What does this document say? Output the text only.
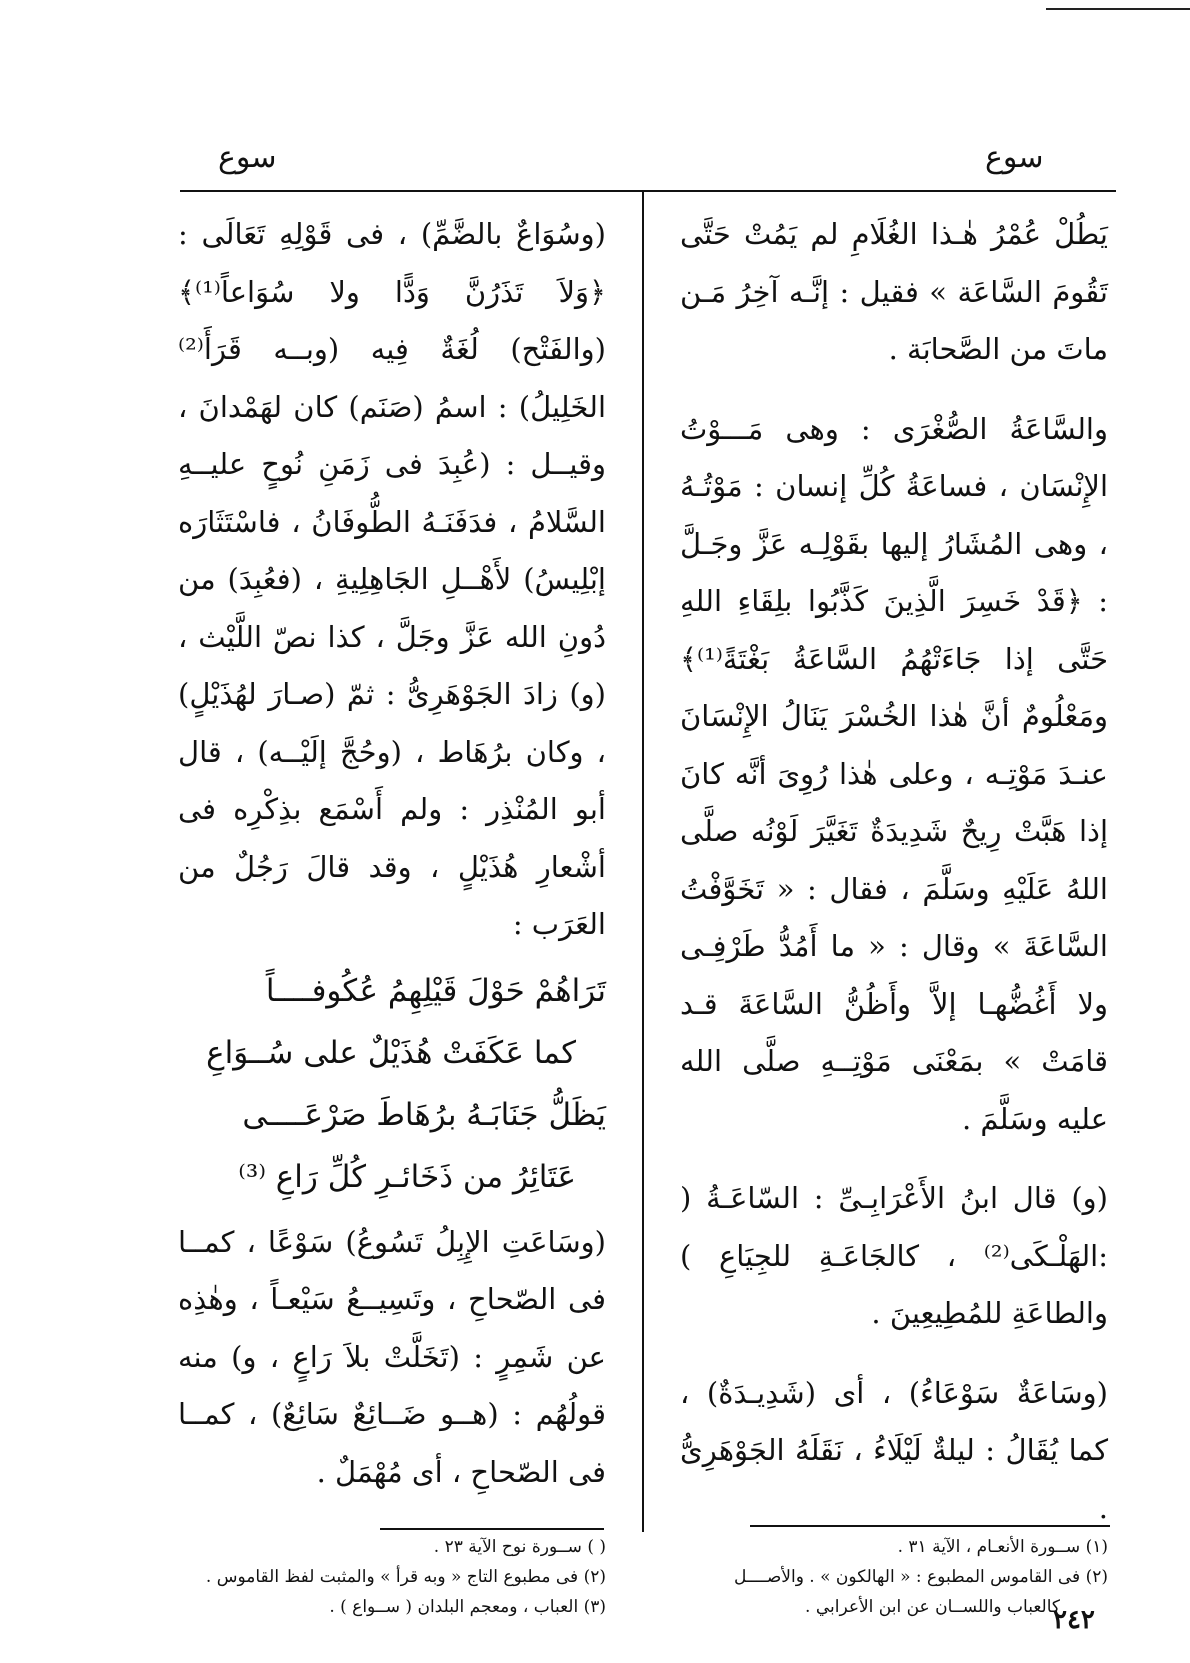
سوع
سوع

يَطُلْ عُمْرُ هٰـذا الغُلَامِ لم يَمُتْ حَتَّى تَقُومَ السَّاعَة » فقيل : إنَّـه آخِرُ مَـن ماتَ من الصَّحابَة .

والسَّاعَةُ الصُّغْرَى : وهى مَـــوْتُ الإِنْسَان ، فساعَةُ كُلِّ إنسان : مَوْتُـهُ ، وهى المُشَارُ إليها بقَوْلِـه عَزَّ وجَـلَّ : ﴿قَدْ خَسِرَ الَّذِينَ كَذَّبُوا بلِقَاءِ اللهِ حَتَّى إذا جَاءَتْهُمُ السَّاعَةُ بَغْتَةً⁽¹⁾﴾ ومَعْلُومٌ أنَّ هٰذا الخُسْرَ يَنَالُ الإِنْسَانَ عنـدَ مَوْتِـه ، وعلى هٰذا رُوِىَ أنَّه كانَ إذا هَبَّتْ رِيحٌ شَدِيدَةٌ تَغَيَّرَ لَوْنُه صلَّى اللهُ عَلَيْهِ وسَلَّمَ ، فقال : « تَخَوَّفْتُ السَّاعَةَ » وقال : « ما أَمُدُّ طَرْفِـى ولا أَغُضُّهـا إلاَّ وأَظُنُّ السَّاعَةَ قـد قامَتْ » بمَعْنَى مَوْتِــهِ صلَّى الله عليه وسَلَّمَ .

(و) قال ابنُ الأَعْرَابِـىِّ : السّاعَـةُ ( :الهَلْـكَى⁽²⁾ ، كالجَاعَـةِ للجِيَاعِ ) والطاعَةِ للمُطِيعِينَ .

(وسَاعَةٌ سَوْعَاءُ) ، أى (شَدِيـدَةٌ) ، كما يُقَالُ : ليلةٌ لَيْلَاءُ ، نَقَلَهُ الجَوْهَرِىُّ .

(وسُوَاعٌ بالضَّمِّ) ، فى قَوْلِهِ تَعَالَى : ﴿وَلاَ تَذَرُنَّ وَدًّا ولا سُوَاعاً⁽¹⁾﴾ (والفَتْح) لُغَةٌ فِيه (وبــه قَرَأَ⁽²⁾ الخَلِيلُ) : اسمُ (صَنَم) كان لهَمْدانَ ، وقيــل : (عُبِدَ فى زَمَنِ نُوحٍ عليــهِ السَّلامُ ، فدَفَنَـهُ الطُّوفَانُ ، فاسْتَثَارَه إبْلِيسُ) لأَهْــلِ الجَاهِلِيةِ ، (فعُبِدَ) من دُونِ الله عَزَّ وجَلَّ ، كذا نصّ اللَّيْث ، (و) زادَ الجَوْهَرِىُّ : ثمّ (صـارَ لهُذَيْلٍ) ، وكان برُهَاط ، (وحُجَّ إلَيْــه) ، قال أبو المُنْذِر : ولم أَسْمَع بذِكْرِه فى أشْعارِ هُذَيْلٍ ، وقد قالَ رَجُلٌ من العَرَب :

تَرَاهُمْ حَوْلَ قَيْلِهِمُ عُكُوفــــاً

كما عَكَفَتْ هُذَيْلٌ على سُــوَاعِ

يَظَلُّ جَنَابَـهُ برُهَاطَ صَرْعَــــى

عَتَائِرُ من ذَخَائـرِ كُلِّ رَاعِ ⁽³⁾

(وسَاعَتِ الإِبِلُ تَسُوعُ) سَوْعًا ، كمــا فى الصّحاحِ ، وتَسِيــعُ سَيْعـاً ، وهٰذِه عن شَمِرٍ : (تَخَلَّتْ بلاَ رَاعٍ ، و) منه قولُهُم : (هــو ضَــائِعٌ سَائِعٌ) ، كمــا فى الصّحاحِ ، أى مُهْمَلٌ .

(١) ســورة الأنعـام ، الآية ٣١ .

(٢) فى القاموس المطبوع : « الهالكون » . والأصــــل

كالعباب واللســان عن ابن الأعرابي .

( ) ســورة نوح الآية ٢٣ .

(٢) فى مطبوع التاج « وبه قرأ » والمثبت لفظ القاموس .

(٣) العباب ، ومعجم البلدان ( ســواع ) .	٢٤٢
